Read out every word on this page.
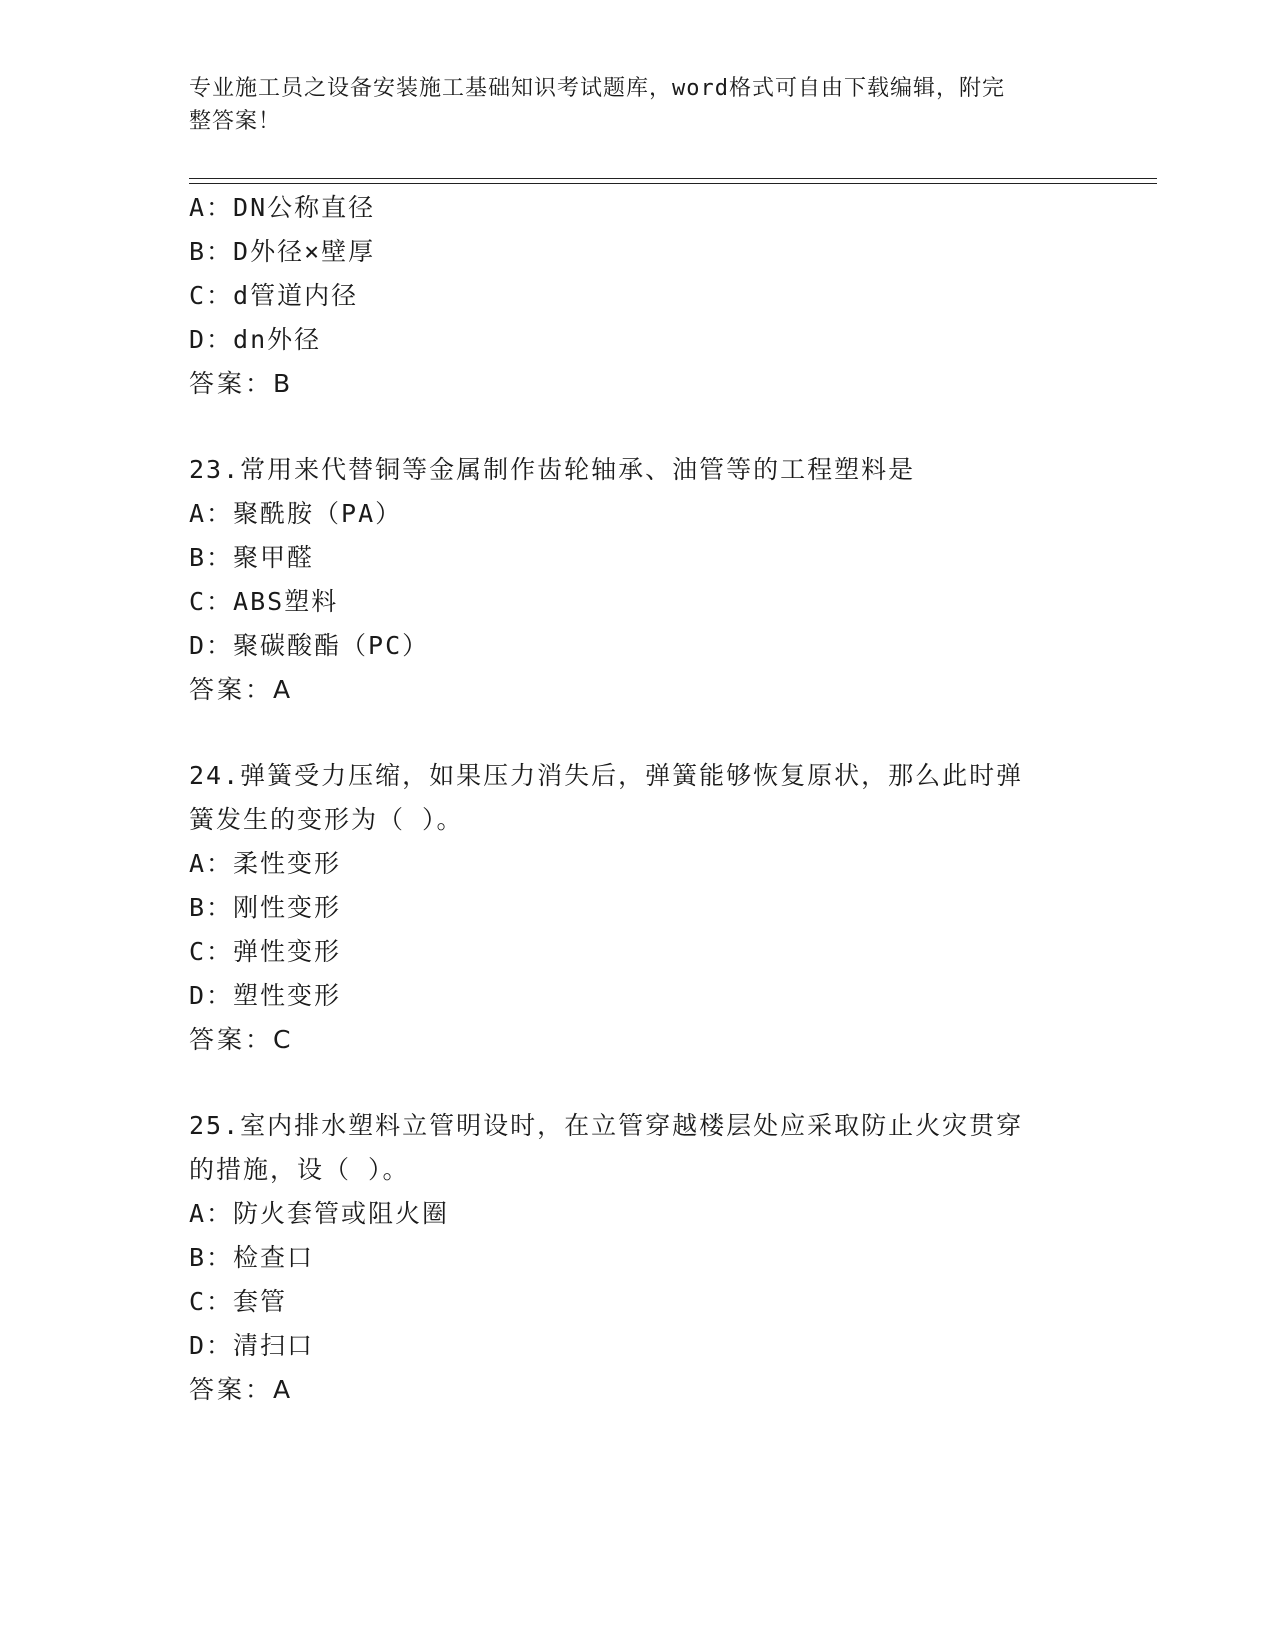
专业施工员之设备安装施工基础知识考试题库，word格式可自由下载编辑，附完
整答案！
A：DN公称直径
B：D外径×壁厚
C：d管道内径
D：dn外径
答案：B
23.常用来代替铜等金属制作齿轮轴承、油管等的工程塑料是
A：聚酰胺（PA）
B：聚甲醛
C：ABS塑料
D：聚碳酸酯（PC）
答案：A
24.弹簧受力压缩，如果压力消失后，弹簧能够恢复原状，那么此时弹
簧发生的变形为（ ）。
A：柔性变形
B：刚性变形
C：弹性变形
D：塑性变形
答案：C
25.室内排水塑料立管明设时，在立管穿越楼层处应采取防止火灾贯穿
的措施，设（ ）。
A：防火套管或阻火圈
B：检查口
C：套管
D：清扫口
答案：A
